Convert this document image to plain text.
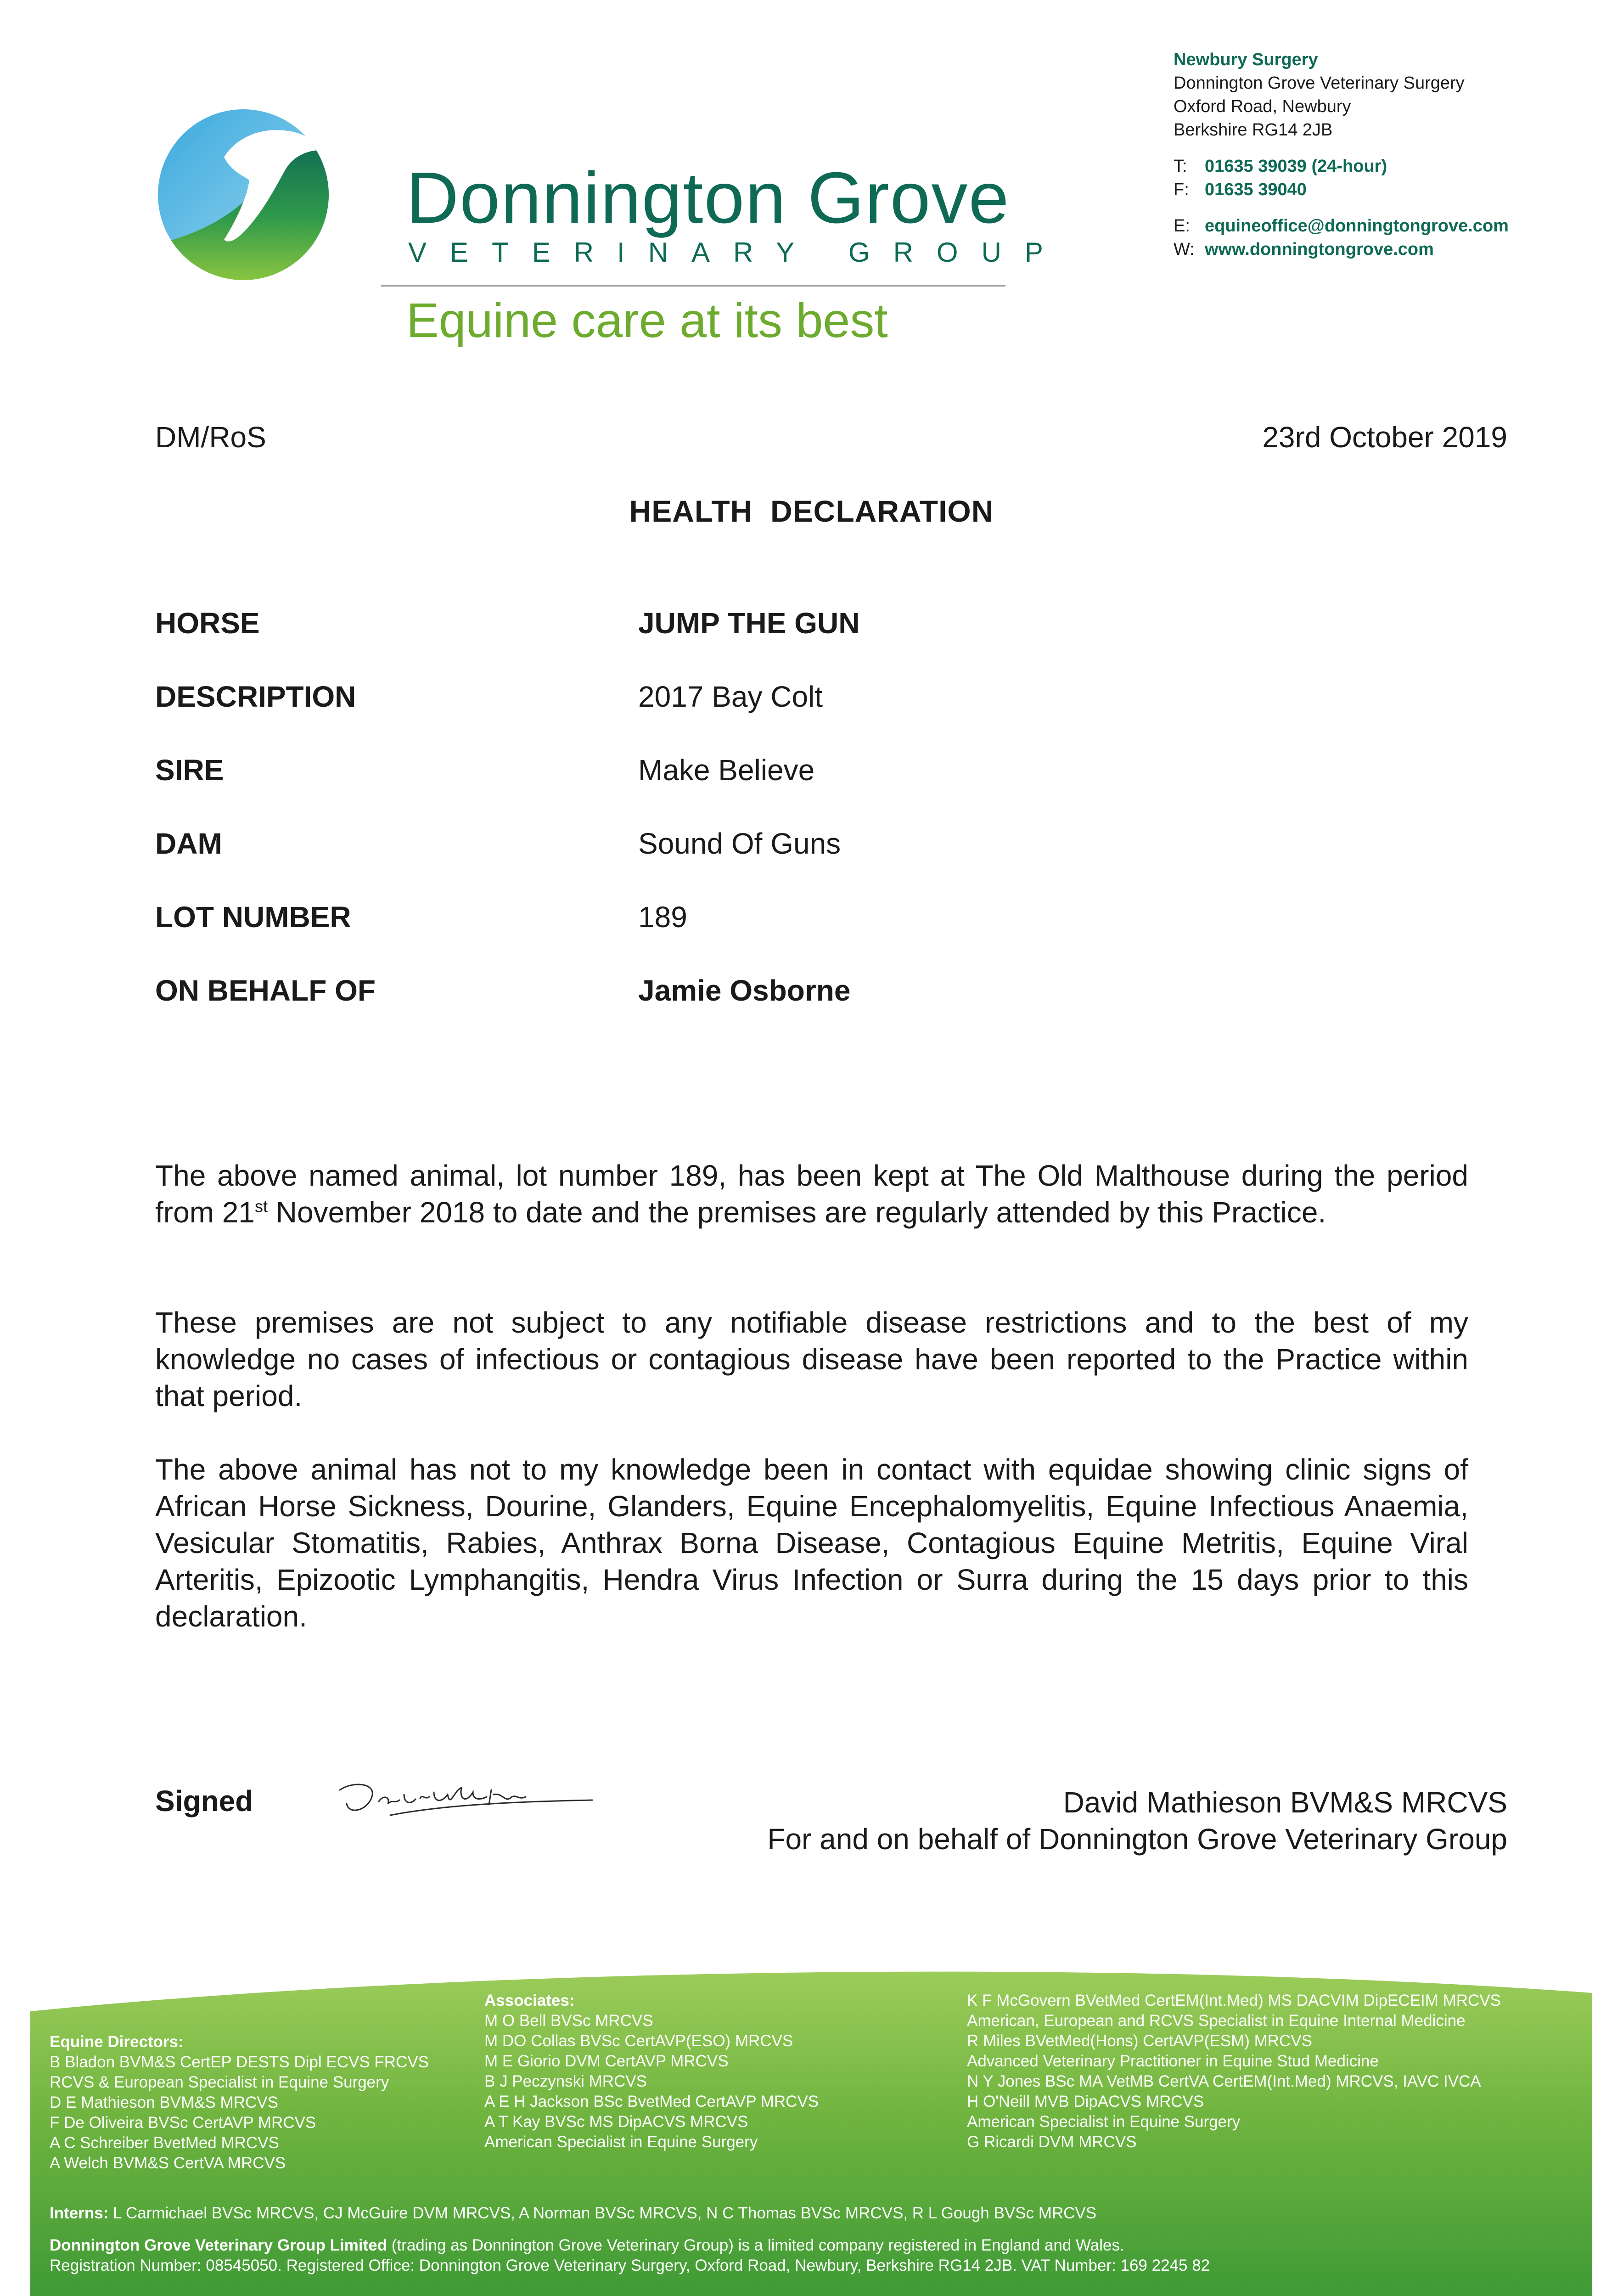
Donnington Grove
VETERINARY GROUP
Equine care at its best
Newbury Surgery
Donnington Grove Veterinary Surgery
Oxford Road, Newbury
Berkshire RG14 2JB
T:	01635 39039 (24-hour)
F: 01635 39040
E: equineoffice@donningtongrove.com
W: www.donningtongrove.com
DM/RoS	23rd October 2019
HEALTH  DECLARATION
HORSE	JUMP THE GUN
DESCRIPTION	2017 Bay Colt
SIRE	Make Believe
DAM	Sound Of Guns
LOT NUMBER	189
ON BEHALF OF	Jamie Osborne
The above named animal, lot number 189, has been kept at The Old Malthouse during the period from 21st November 2018 to date and the premises are regularly attended by this Practice.
These premises are not subject to any notifiable disease restrictions and to the best of my knowledge no cases of infectious or contagious disease have been reported to the Practice within that period.
The above animal has not to my knowledge been in contact with equidae showing clinic signs of African Horse Sickness, Dourine, Glanders, Equine Encephalomyelitis, Equine Infectious Anaemia, Vesicular Stomatitis, Rabies, Anthrax Borna Disease, Contagious Equine Metritis, Equine Viral Arteritis, Epizootic Lymphangitis, Hendra Virus Infection or Surra during the 15 days prior to this declaration.
Signed	David Mathieson BVM&S MRCVS
For and on behalf of Donnington Grove Veterinary Group
Equine Directors:
B Bladon BVM&S CertEP DESTS Dipl ECVS FRCVS
RCVS & European Specialist in Equine Surgery
D E Mathieson BVM&S MRCVS
F De Oliveira BVSc CertAVP MRCVS
A C Schreiber BvetMed MRCVS
A Welch BVM&S CertVA MRCVS
Associates:
M O Bell BVSc MRCVS
M DO Collas BVSc CertAVP(ESO) MRCVS
M E Giorio DVM CertAVP MRCVS
B J Peczynski MRCVS
A E H Jackson BSc BvetMed CertAVP MRCVS
A T Kay BVSc MS DipACVS MRCVS
American Specialist in Equine Surgery
K F McGovern BVetMed CertEM(Int.Med) MS DACVIM DipECEIM MRCVS
American, European and RCVS Specialist in Equine Internal Medicine
R Miles BVetMed(Hons) CertAVP(ESM) MRCVS
Advanced Veterinary Practitioner in Equine Stud Medicine
N Y Jones BSc MA VetMB CertVA CertEM(Int.Med) MRCVS, IAVC IVCA
H O'Neill MVB DipACVS MRCVS
American Specialist in Equine Surgery
G Ricardi DVM MRCVS
Interns: L Carmichael BVSc MRCVS, CJ McGuire DVM MRCVS, A Norman BVSc MRCVS, N C Thomas BVSc MRCVS, R L Gough BVSc MRCVS
Donnington Grove Veterinary Group Limited (trading as Donnington Grove Veterinary Group) is a limited company registered in England and Wales.
Registration Number: 08545050. Registered Office: Donnington Grove Veterinary Surgery, Oxford Road, Newbury, Berkshire RG14 2JB. VAT Number: 169 2245 82
